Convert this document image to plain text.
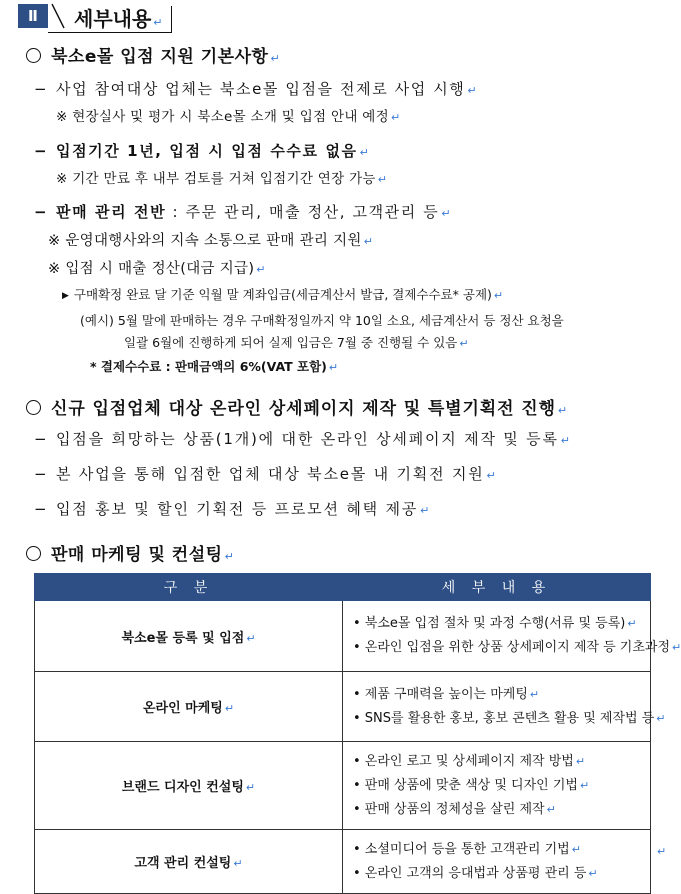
Ⅱ	세부내용 ↵
북소e몰 입점 지원 기본사항 ↵
− 사업 참여대상 업체는 북소e몰 입점을 전제로 사업 시행 ↵
※ 현장실사 및 평가 시 북소e몰 소개 및 입점 안내 예정 ↵
− 입점기간 1년, 입점 시 입점 수수료 없음 ↵
※ 기간 만료 후 내부 검토를 거쳐 입점기간 연장 가능 ↵
− 판매 관리 전반 : 주문 관리, 매출 정산, 고객관리 등 ↵
※ 운영대행사와의 지속 소통으로 판매 관리 지원 ↵
※ 입점 시 매출 정산(대금 지급) ↵
▶ 구매확정 완료 달 기준 익월 말 계좌입금(세금계산서 발급, 결제수수료* 공제) ↵
(예시) 5월 말에 판매하는 경우 구매확정일까지 약 10일 소요, 세금계산서 등 정산 요청을
일괄 6월에 진행하게 되어 실제 입금은 7월 중 진행될 수 있음 ↵
* 결제수수료 : 판매금액의 6%(VAT 포함) ↵
신규 입점업체 대상 온라인 상세페이지 제작 및 특별기획전 진행 ↵
− 입점을 희망하는 상품(1개)에 대한 온라인 상세페이지 제작 및 등록 ↵
− 본 사업을 통해 입점한 업체 대상 북소e몰 내 기획전 지원 ↵
− 입점 홍보 및 할인 기획전 등 프로모션 혜택 제공 ↵
판매 마케팅 및 컨설팅 ↵
구 분	세 부 내 용
북소e몰 등록 및 입점 ↵	• 북소e몰 입점 절차 및 과정 수행(서류 및 등록) ↵
• 온라인 입점을 위한 상품 상세페이지 제작 등 기초과정 ↵

온라인 마케팅 ↵	• 제품 구매력을 높이는 마케팅 ↵
• SNS를 활용한 홍보, 홍보 콘텐츠 활용 및 제작법 등 ↵

브랜드 디자인 컨설팅 ↵	• 온라인 로고 및 상세페이지 제작 방법 ↵
• 판매 상품에 맞춘 색상 및 디자인 기법 ↵
• 판매 상품의 정체성을 살린 제작 ↵

고객 관리 컨설팅 ↵	• 소셜미디어 등을 통한 고객관리 기법 ↵
• 온라인 고객의 응대법과 상품평 관리 등 ↵
↵
